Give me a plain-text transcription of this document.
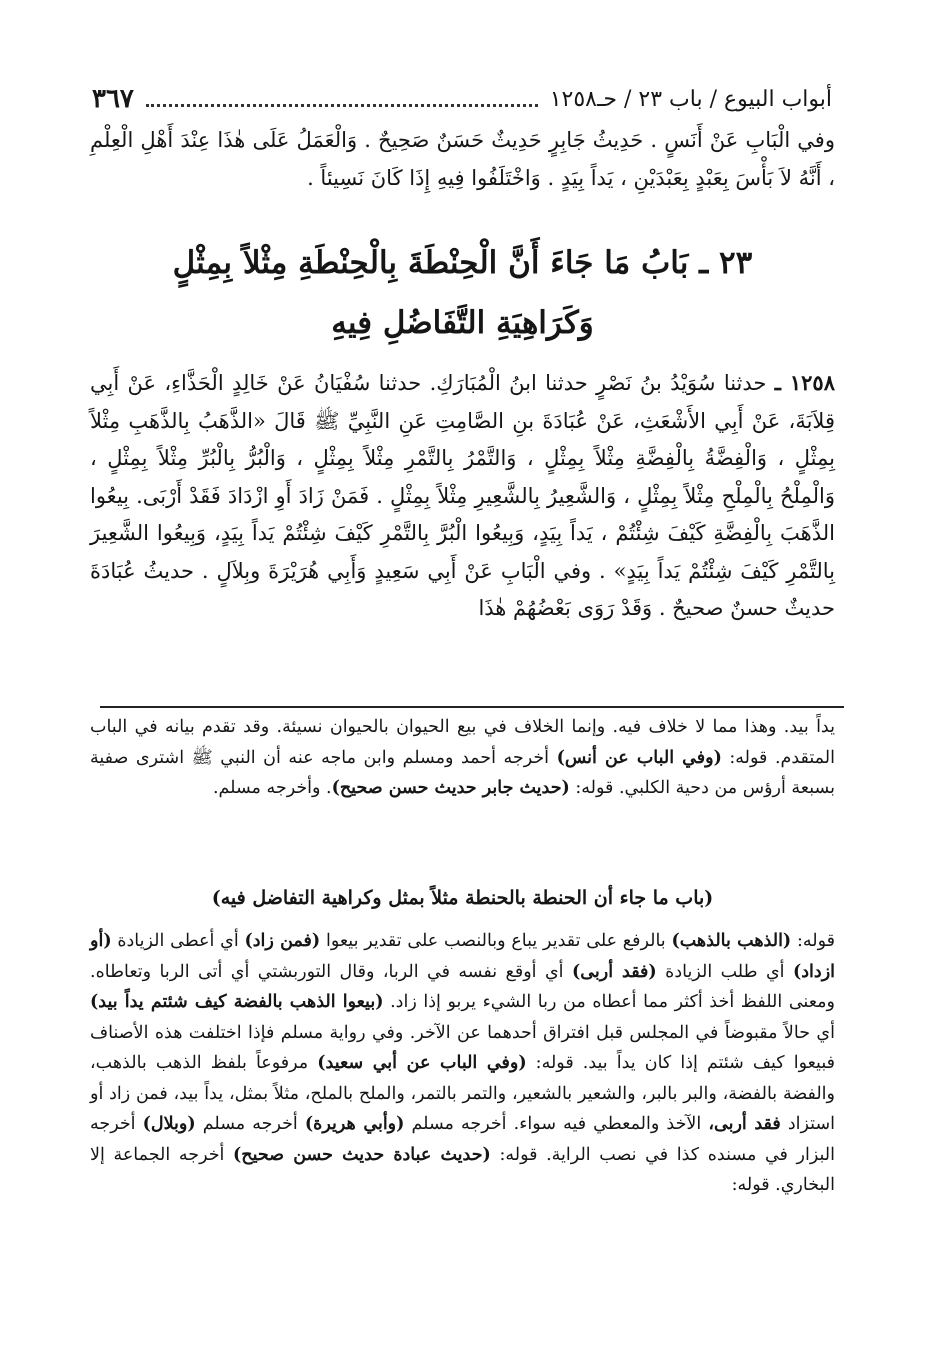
أبواب البيوع / باب ٢٣ / حـ١٢٥٨
٣٦٧

وفي الْبَابِ عَنْ أَنَسٍ . حَدِيثُ جَابِرٍ حَدِيثٌ حَسَنٌ صَحِيحٌ . وَالْعَمَلُ عَلَى هٰذَا عِنْدَ أَهْلِ الْعِلْمِ ، أَنَّهُ لاَ بَأْسَ بِعَبْدٍ بِعَبْدَيْنِ ، يَداً بِيَدٍ . وَاخْتَلَفُوا فِيهِ إِذَا كَانَ نَسِيئاً .

٢٣ ـ بَابُ مَا جَاءَ أَنَّ الْحِنْطَةَ بِالْحِنْطَةِ مِثْلاً بِمِثْلٍ
وَكَرَاهِيَةِ التَّفَاضُلِ فِيهِ

١٢٥٨ ـ حدثنا سُوَيْدُ بنُ نَصْرٍ حدثنا ابنُ الْمُبَارَكِ. حدثنا سُفْيَانُ عَنْ خَالِدٍ الْحَذَّاءِ، عَنْ أَبِي قِلاَبَةَ، عَنْ أَبِي الأَشْعَثِ، عَنْ عُبَادَةَ بنِ الصَّامِتِ عَنِ النَّبِيِّ ﷺ قَالَ «الذَّهَبُ بِالذَّهَبِ مِثْلاً بِمِثْلٍ ، وَالْفِضَّةُ بِالْفِضَّةِ مِثْلاً بِمِثْلٍ ، وَالتَّمْرُ بِالتَّمْرِ مِثْلاً بِمِثْلٍ ، وَالْبُرُّ بِالْبُرِّ مِثْلاً بِمِثْلٍ ، وَالْمِلْحُ بِالْمِلْحِ مِثْلاً بِمِثْلٍ ، وَالشَّعِيرُ بِالشَّعِيرِ مِثْلاً بِمِثْلٍ . فَمَنْ زَادَ أَوِ ازْدَادَ فَقَدْ أَرْبَى. بِيعُوا الذَّهَبَ بِالْفِضَّةِ كَيْفَ شِئْتُمْ ، يَداً بِيَدٍ، وَبِيعُوا الْبُرَّ بِالتَّمْرِ كَيْفَ شِئْتُمْ يَداً بِيَدٍ، وَبِيعُوا الشَّعِيرَ بِالتَّمْرِ كَيْفَ شِئْتُمْ يَداً بِيَدٍ» . وفي الْبَابِ عَنْ أَبِي سَعِيدٍ وَأَبِي هُرَيْرَةَ وبِلاَلٍ . حديثُ عُبَادَةَ حديثٌ حسنٌ صحيحٌ . وَقَدْ رَوَى بَعْضُهُمْ هٰذَا

يداً بيد. وهذا مما لا خلاف فيه. وإنما الخلاف في بيع الحيوان بالحيوان نسيئة. وقد تقدم بيانه في الباب المتقدم. قوله: (وفي الباب عن أنس) أخرجه أحمد ومسلم وابن ماجه عنه أن النبي ﷺ اشترى صفية بسبعة أرؤس من دحية الكلبي. قوله: (حديث جابر حديث حسن صحيح). وأخرجه مسلم.

(باب ما جاء أن الحنطة بالحنطة مثلاً بمثل وكراهية التفاضل فيه)

قوله: (الذهب بالذهب) بالرفع على تقدير يباع وبالنصب على تقدير بيعوا (فمن زاد) أي أعطى الزيادة (أو ازداد) أي طلب الزيادة (فقد أربى) أي أوقع نفسه في الربا، وقال التوربشتي أي أتى الربا وتعاطاه. ومعنى اللفظ أخذ أكثر مما أعطاه من ربا الشيء يربو إذا زاد. (بيعوا الذهب بالفضة كيف شئتم يداً بيد) أي حالاً مقبوضاً في المجلس قبل افتراق أحدهما عن الآخر. وفي رواية مسلم فإذا اختلفت هذه الأصناف فبيعوا كيف شئتم إذا كان يداً بيد. قوله: (وفي الباب عن أبي سعيد) مرفوعاً بلفظ الذهب بالذهب، والفضة بالفضة، والبر بالبر، والشعير بالشعير، والتمر بالتمر، والملح بالملح، مثلاً بمثل، يداً بيد، فمن زاد أو استزاد فقد أربى، الآخذ والمعطي فيه سواء. أخرجه مسلم (وأبي هريرة) أخرجه مسلم (وبلال) أخرجه البزار في مسنده كذا في نصب الراية. قوله: (حديث عبادة حديث حسن صحيح) أخرجه الجماعة إلا البخاري. قوله:
